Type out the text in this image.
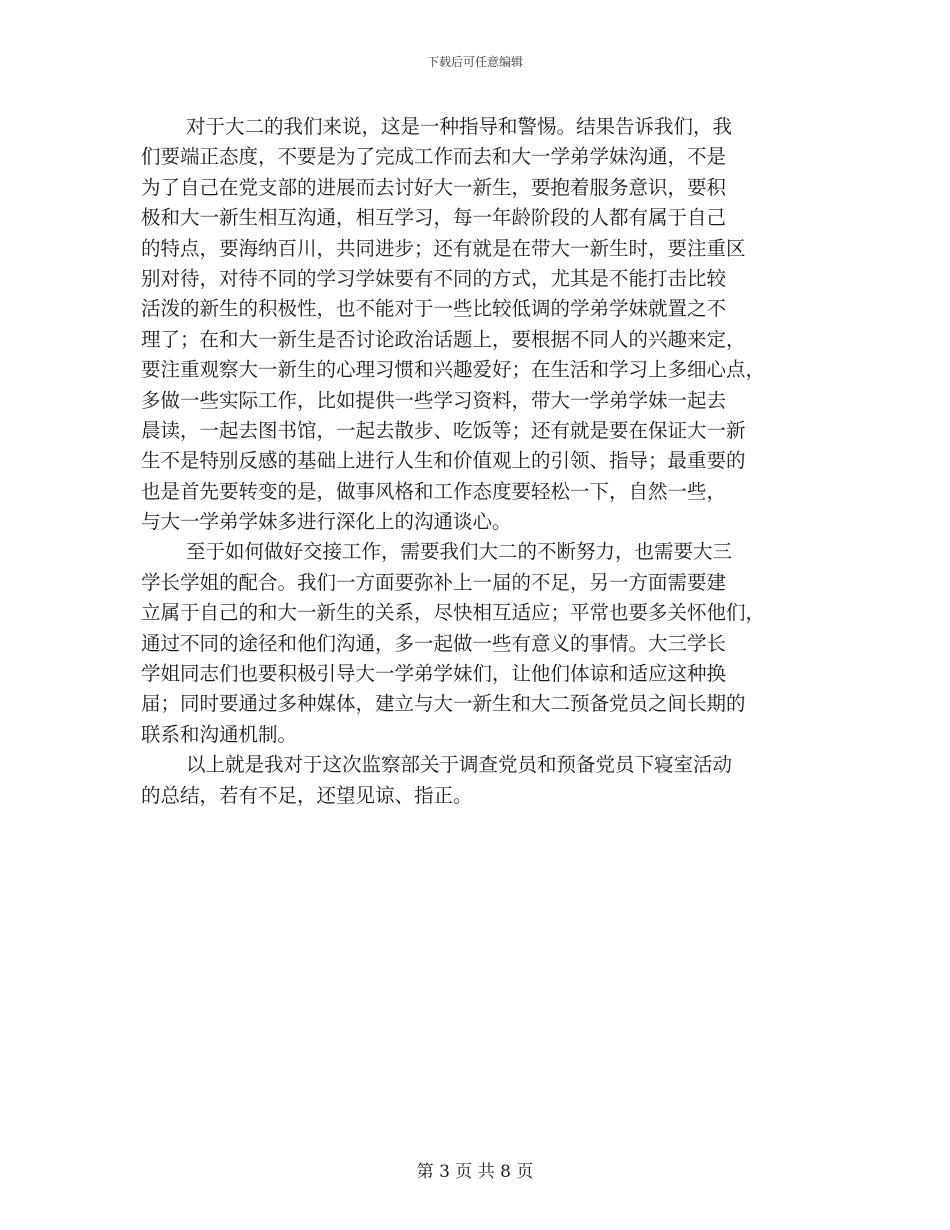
下载后可任意编辑
对于大二的我们来说，这是一种指导和警惕。结果告诉我们，我
们要端正态度，不要是为了完成工作而去和大一学弟学妹沟通，不是
为了自己在党支部的进展而去讨好大一新生，要抱着服务意识，要积
极和大一新生相互沟通，相互学习，每一年龄阶段的人都有属于自己
的特点，要海纳百川，共同进步；还有就是在带大一新生时，要注重区
别对待，对待不同的学习学妹要有不同的方式，尤其是不能打击比较
活泼的新生的积极性，也不能对于一些比较低调的学弟学妹就置之不
理了；在和大一新生是否讨论政治话题上，要根据不同人的兴趣来定，
要注重观察大一新生的心理习惯和兴趣爱好；在生活和学习上多细心点，
多做一些实际工作，比如提供一些学习资料，带大一学弟学妹一起去
晨读，一起去图书馆，一起去散步、吃饭等；还有就是要在保证大一新
生不是特别反感的基础上进行人生和价值观上的引领、指导；最重要的
也是首先要转变的是，做事风格和工作态度要轻松一下，自然一些，
与大一学弟学妹多进行深化上的沟通谈心。
至于如何做好交接工作，需要我们大二的不断努力，也需要大三
学长学姐的配合。我们一方面要弥补上一届的不足，另一方面需要建
立属于自己的和大一新生的关系，尽快相互适应；平常也要多关怀他们，
通过不同的途径和他们沟通，多一起做一些有意义的事情。大三学长
学姐同志们也要积极引导大一学弟学妹们，让他们体谅和适应这种换
届；同时要通过多种媒体，建立与大一新生和大二预备党员之间长期的
联系和沟通机制。
以上就是我对于这次监察部关于调查党员和预备党员下寝室活动
的总结，若有不足，还望见谅、指正。
第 3 页 共 8 页
